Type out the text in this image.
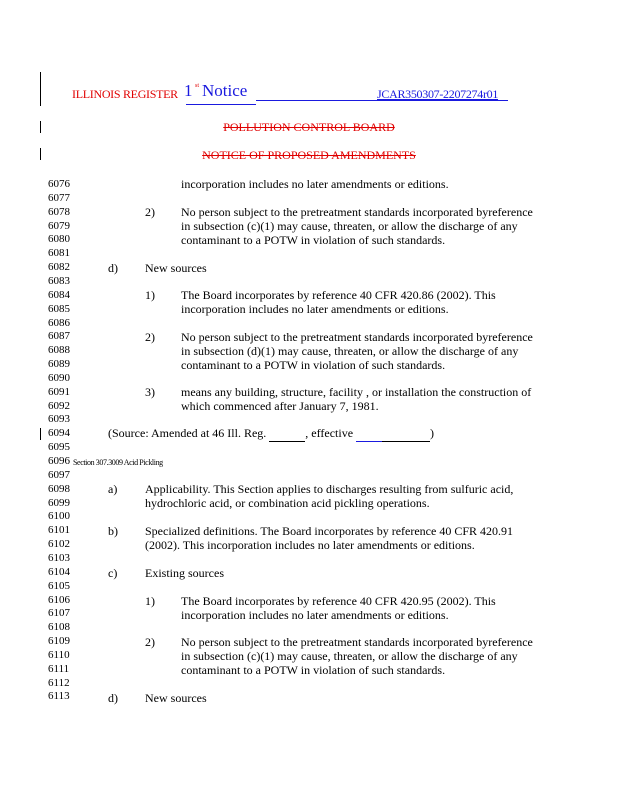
ILLINOIS REGISTER 1 st Notice	JCAR350307-2207274r01
POLLUTION CONTROL BOARD
NOTICE OF PROPOSED AMENDMENTS
6076
6077
6078
6079
6080
6081
6082
6083
6084
6085
6086
6087
6088
6089
6090
6091
6092
6093
6094
6095
6096
6097
6098
6099
6100
6101
6102
6103
6104
6105
6106
6107
6108
6109
6110
6111
6112
6113
incorporation includes no later amendments or editions.
2) No person subject to the pretreatment standards incorporated byreference
in subsection (c)(1) may cause, threaten, or allow the discharge of any
contaminant to a POTW in violation of such standards.
d) New sources
1) The Board incorporates by reference 40 CFR 420.86 (2002). This
incorporation includes no later amendments or editions.
2) No person subject to the pretreatment standards incorporated byreference
in subsection (d)(1) may cause, threaten, or allow the discharge of any
contaminant to a POTW in violation of such standards.
3) means any building, structure, facility , or installation the construction of
which commenced after January 7, 1981.
(Source: Amended at 46 Ill. Reg.	, effective	)
Section 307.3009 Acid Pickling
a) Applicability. This Section applies to discharges resulting from sulfuric acid,
hydrochloric acid, or combination acid pickling operations.
b) Specialized definitions. The Board incorporates by reference 40 CFR 420.91
(2002). This incorporation includes no later amendments or editions.
c) Existing sources
1) The Board incorporates by reference 40 CFR 420.95 (2002). This
incorporation includes no later amendments or editions.
2) No person subject to the pretreatment standards incorporated byreference
in subsection (c)(1) may cause, threaten, or allow the discharge of any
contaminant to a POTW in violation of such standards.
d) New sources
